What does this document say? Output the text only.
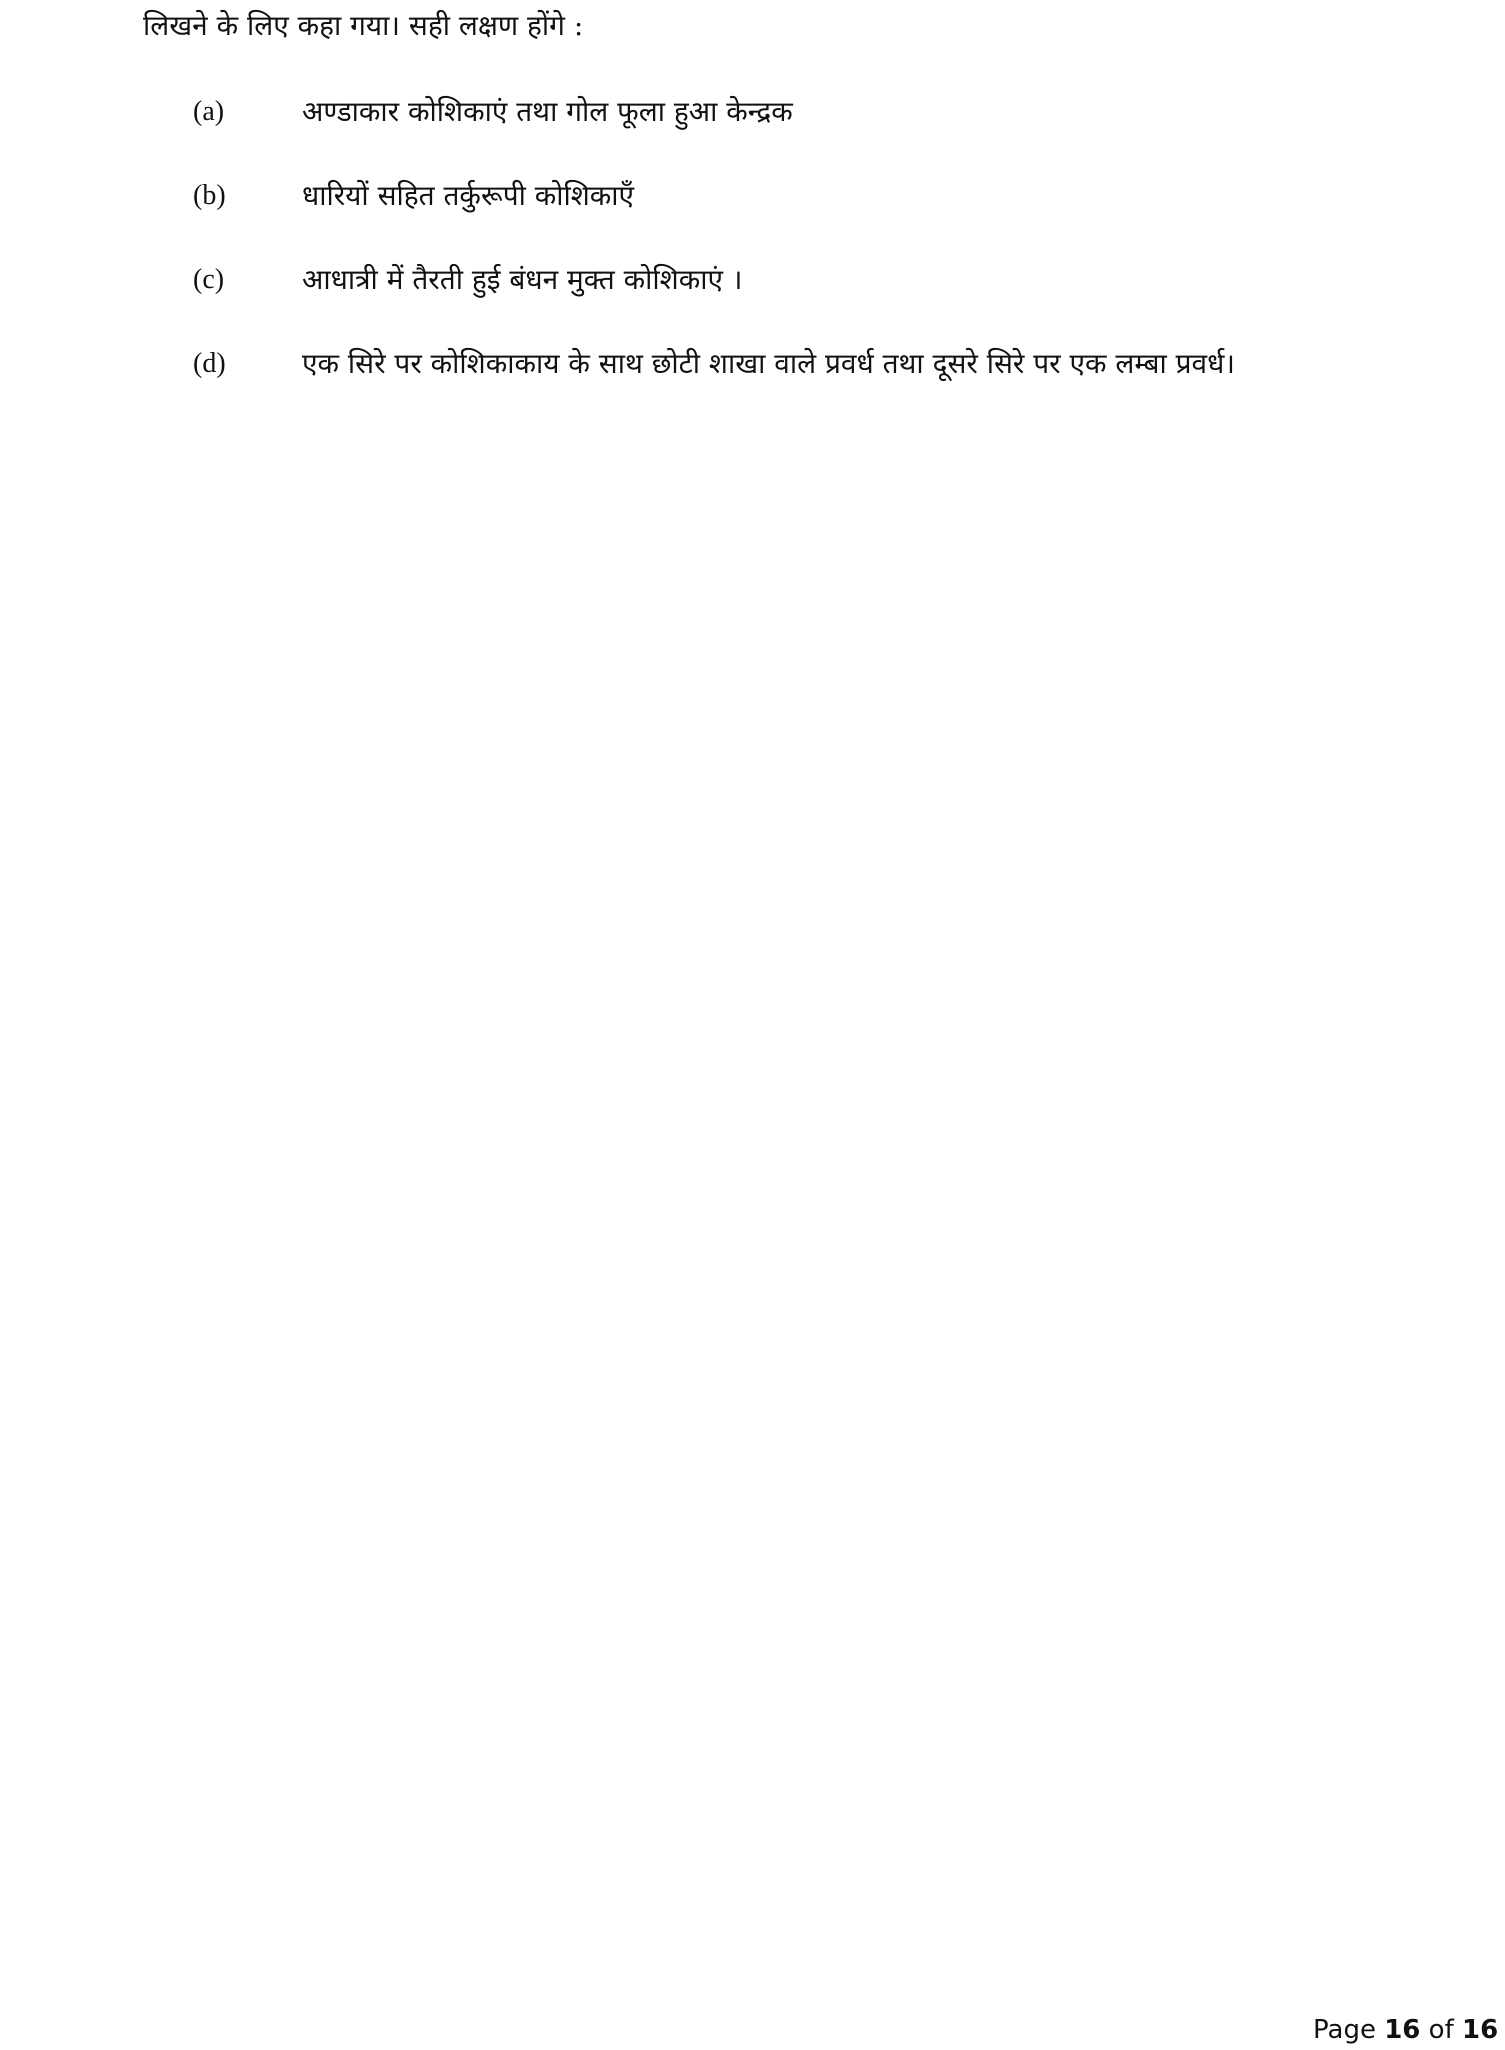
लिखने के लिए कहा गया। सही लक्षण होंगे :
(a)	अण्डाकार कोशिकाएं तथा गोल फूला हुआ केन्द्रक
(b)	धारियों सहित तर्कुरूपी कोशिकाएँ
(c)	आधात्री में तैरती हुई बंधन मुक्त कोशिकाएं ।
(d)	एक सिरे पर कोशिकाकाय के साथ छोटी शाखा वाले प्रवर्ध तथा दूसरे सिरे पर एक लम्बा प्रवर्ध।
Page 16 of 16
